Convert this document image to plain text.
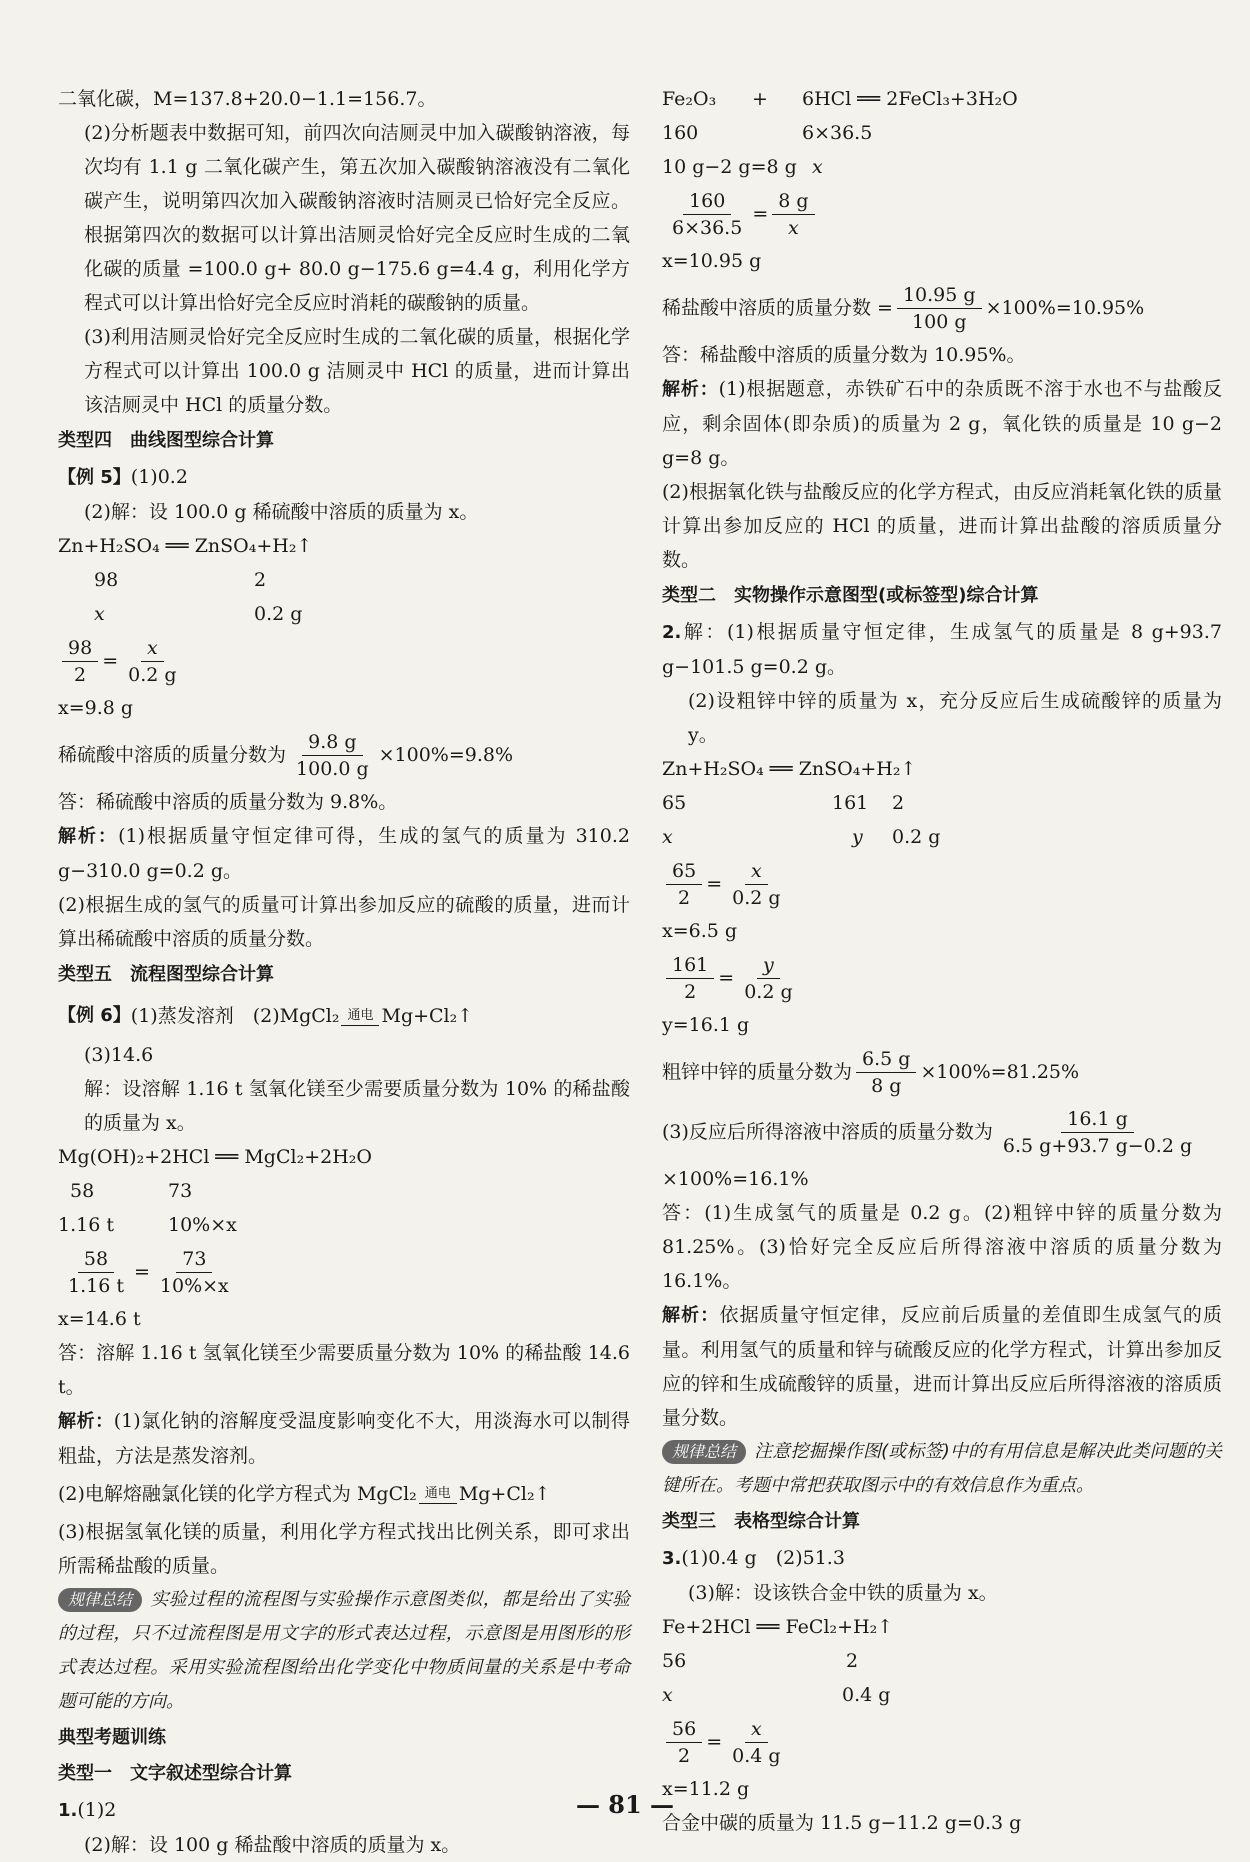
二氧化碳，M=137.8+20.0−1.1=156.7。

(2)分析题表中数据可知，前四次向洁厕灵中加入碳酸钠溶液，每次均有 1.1 g 二氧化碳产生，第五次加入碳酸钠溶液没有二氧化碳产生，说明第四次加入碳酸钠溶液时洁厕灵已恰好完全反应。根据第四次的数据可以计算出洁厕灵恰好完全反应时生成的二氧化碳的质量 =100.0 g+ 80.0 g−175.6 g=4.4 g，利用化学方程式可以计算出恰好完全反应时消耗的碳酸钠的质量。

(3)利用洁厕灵恰好完全反应时生成的二氧化碳的质量，根据化学方程式可以计算出 100.0 g 洁厕灵中 HCl 的质量，进而计算出该洁厕灵中 HCl 的质量分数。

类型四　曲线图型综合计算

【例 5】(1)0.2

(2)解：设 100.0 g 稀硫酸中溶质的质量为 x。

Zn+H₂SO₄ ══ ZnSO₄+H₂ ↑

98	2
x	0.2 g
$\frac{98}{2} = \frac{x}{0.2 g}$

x=9.8 g

稀硫酸中溶质的质量分数为 $\frac{9.8 g}{100.0 g} \times 100\%=9.8\%$

答：稀硫酸中溶质的质量分数为 9.8%。

解析：(1)根据质量守恒定律可得，生成的氢气的质量为 310.2 g−310.0 g=0.2 g。

(2)根据生成的氢气的质量可计算出参加反应的硫酸的质量，进而计算出稀硫酸中溶质的质量分数。

类型五　流程图型综合计算

【例 6】 (1)蒸发溶剂　(2)MgCl₂ 通电 Mg+Cl₂
↑

(3)14.6

解：设溶解 1.16 t 氢氧化镁至少需要质量分数为 10% 的稀盐酸的质量为 x。

Mg(OH)₂+2HCl ══ MgCl₂+2H₂O

58	73
1.16 t	10%×x
$\frac{58}{1.16 t} = \frac{73}{10\%\times x}$

x=14.6 t

答：溶解 1.16 t 氢氧化镁至少需要质量分数为 10% 的稀盐酸 14.6 t。

解析：(1)氯化钠的溶解度受温度影响变化不大，用淡海水可以制得粗盐，方法是蒸发溶剂。

(2)电解熔融氯化镁的化学方程式为 MgCl₂ 通电 Mg+Cl₂
↑

(3)根据氢氧化镁的质量，利用化学方程式找出比例关系，即可求出所需稀盐酸的质量。

规律总结 实验过程的流程图与实验操作示意图类似，都是给出了实验的过程，只不过流程图是用文字的形式表达过程，示意图是用图形的形式表达过程。采用实验流程图给出化学变化中物质间量的关系是中考命题可能的方向。

典型考题训练

类型一　文字叙述型综合计算

1.(1)2

(2)解：设 100 g 稀盐酸中溶质的质量为 x。

Fe₂O₃	+	6HCl ══ 2FeCl₃+3H₂O
160	6×36.5
10 g−2 g=8 g x
$\frac{160}{6\times 36.5} = \frac{8 g}{x}$

x=10.95 g

稀盐酸中溶质的质量分数 = $\frac{10.95 g}{100 g} \times 100\%=10.95\%$

答：稀盐酸中溶质的质量分数为 10.95%。

解析：(1)根据题意，赤铁矿石中的杂质既不溶于水也不与盐酸反应，剩余固体(即杂质)的质量为 2 g，氧化铁的质量是 10 g−2 g=8 g。

(2)根据氧化铁与盐酸反应的化学方程式，由反应消耗氧化铁的质量计算出参加反应的 HCl 的质量，进而计算出盐酸的溶质质量分数。

类型二　实物操作示意图型(或标签型)综合计算

2.解：(1)根据质量守恒定律，生成氢气的质量是 8 g+93.7 g−101.5 g=0.2 g。

(2)设粗锌中锌的质量为 x，充分反应后生成硫酸锌的质量为 y。

Zn+H₂SO₄ ══ ZnSO₄+H₂ ↑

65	161	2
x	y	0.2 g
$\frac{65}{2} = \frac{x}{0.2 g}$

x=6.5 g

$\frac{161}{2} = \frac{y}{0.2 g}$

y=16.1 g

粗锌中锌的质量分数为 $\frac{6.5 g}{8 g} \times 100\%=81.25\%$
(3)反应后所得溶液中溶质的质量分数为 $\frac{16.1 g}{6.5 g+93.7 g-0.2 g}$

×100%=16.1%

答：(1)生成氢气的质量是 0.2 g。(2)粗锌中锌的质量分数为 81.25%。(3)恰好完全反应后所得溶液中溶质的质量分数为 16.1%。

解析：依据质量守恒定律，反应前后质量的差值即生成氢气的质量。利用氢气的质量和锌与硫酸反应的化学方程式，计算出参加反应的锌和生成硫酸锌的质量，进而计算出反应后所得溶液的溶质质量分数。

规律总结 注意挖掘操作图(或标签)中的有用信息是解决此类问题的关键所在。考题中常把获取图示中的有效信息作为重点。

类型三　表格型综合计算

3.(1)0.4 g　(2)51.3

(3)解：设该铁合金中铁的质量为 x。

Fe+2HCl ══ FeCl₂+H₂ ↑

56	2
x	0.4 g
$\frac{56}{2} = \frac{x}{0.4 g}$

x=11.2 g

合金中碳的质量为 11.5 g−11.2 g=0.3 g

— 81 —
